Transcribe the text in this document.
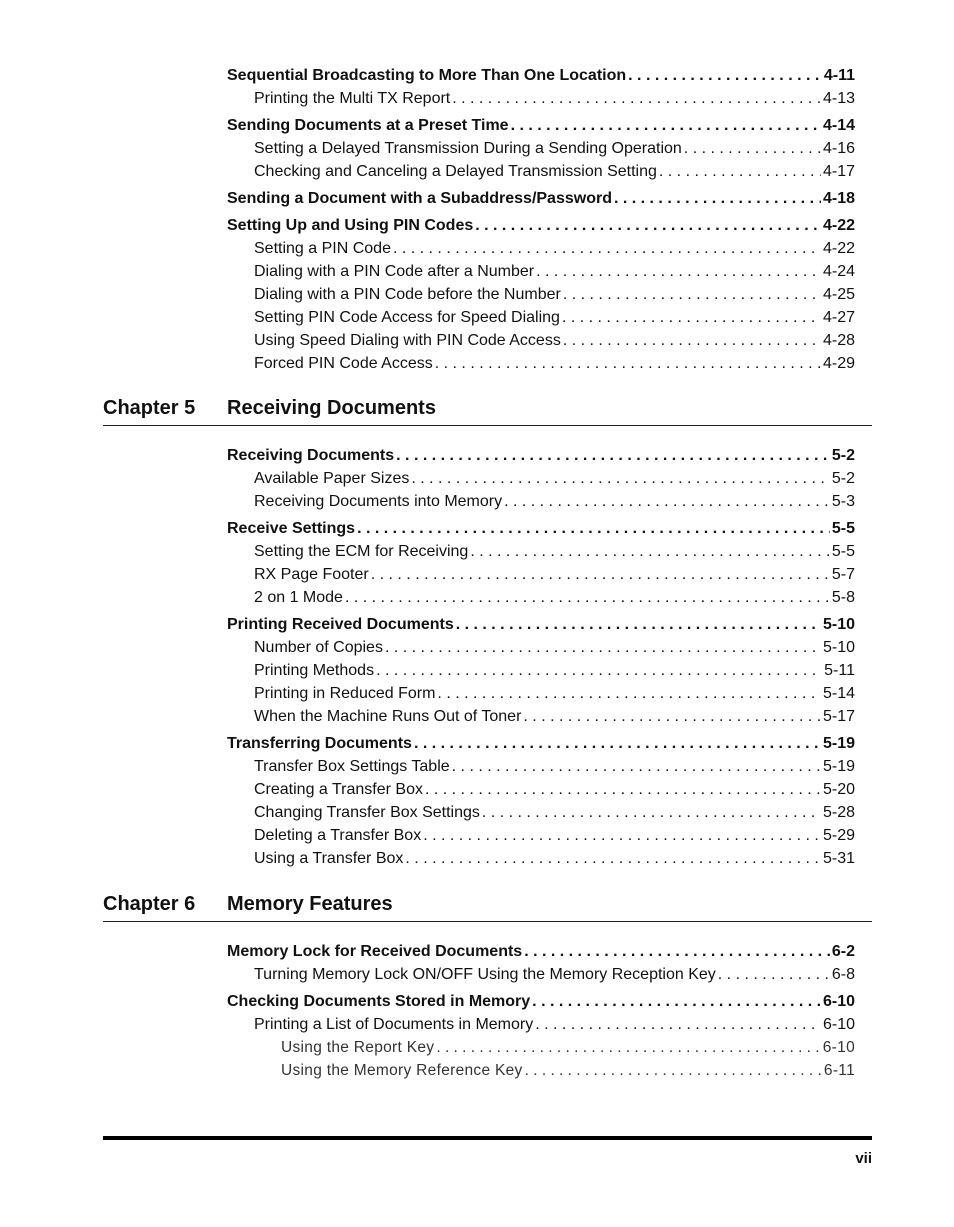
Sequential Broadcasting to More Than One Location . . .	4-11
Printing the Multi TX Report . . .	4-13
Sending Documents at a Preset Time . . .	4-14
Setting a Delayed Transmission During a Sending Operation . . .	4-16
Checking and Canceling a Delayed Transmission Setting . . .	4-17
Sending a Document with a Subaddress/Password . . .	4-18
Setting Up and Using PIN Codes . . .	4-22
Setting a PIN Code . . .	4-22
Dialing with a PIN Code after a Number . . .	4-24
Dialing with a PIN Code before the Number . . .	4-25
Setting PIN Code Access for Speed Dialing . . .	4-27
Using Speed Dialing with PIN Code Access . . .	4-28
Forced PIN Code Access . . .	4-29
Chapter 5 Receiving Documents
Receiving Documents . . .	5-2
Available Paper Sizes . . .	5-2
Receiving Documents into Memory . . .	5-3
Receive Settings . . .	5-5
Setting the ECM for Receiving . . .	5-5
RX Page Footer . . .	5-7
2 on 1 Mode . . .	5-8
Printing Received Documents . . .	5-10
Number of Copies . . .	5-10
Printing Methods . . .	5-11
Printing in Reduced Form . . .	5-14
When the Machine Runs Out of Toner . . .	5-17
Transferring Documents . . .	5-19
Transfer Box Settings Table . . .	5-19
Creating a Transfer Box . . .	5-20
Changing Transfer Box Settings . . .	5-28
Deleting a Transfer Box . . .	5-29
Using a Transfer Box . . .	5-31
Chapter 6 Memory Features
Memory Lock for Received Documents . . .	6-2
Turning Memory Lock ON/OFF Using the Memory Reception Key . . .	6-8
Checking Documents Stored in Memory . . .	6-10
Printing a List of Documents in Memory . . .	6-10
Using the Report Key . . .	6-10
Using the Memory Reference Key . . .	6-11
vii
